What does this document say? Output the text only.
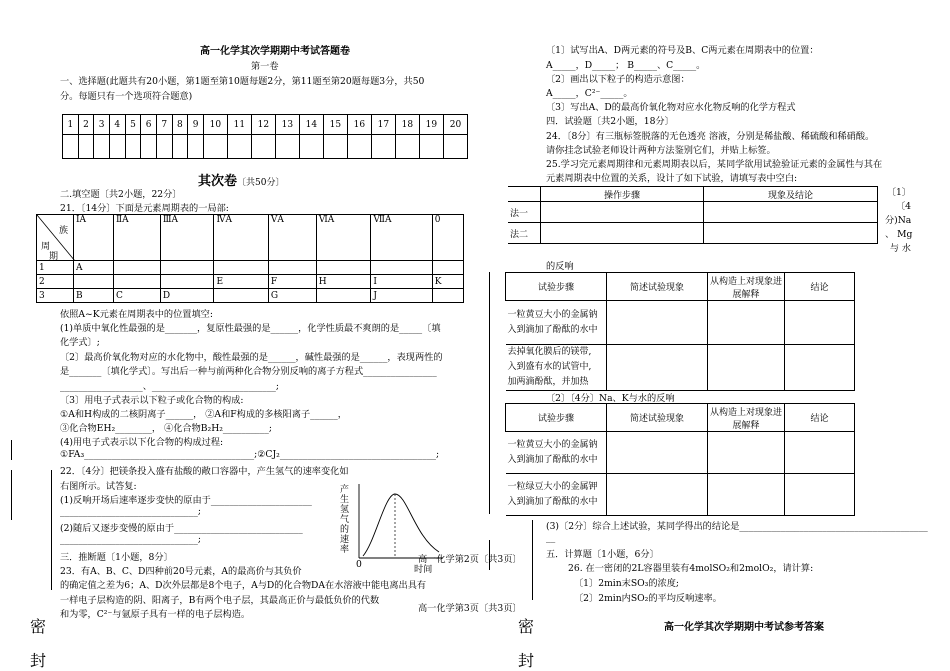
高一化学其次学期期中考试答题卷
第一卷
一、选择题(此题共有20小题，第1题至第10题每题2分，第11题至第20题每题3分，共50
分。每题只有一个选项符合题意)
1	2	3	4	5	6	7	8	9	10	11	12	13	14	15	16	17	18	19	20

其次卷〔共50分〕
二.填空题〔共2小题，22分〕
21．〔14分〕下面是元素周期表的一局部:
族
周
期	ⅠA	ⅡA	ⅢA	ⅣA	ⅤA	ⅥA	ⅦA	0
1	A							
2				E	F	H	I	K
3	B	C	D		G		J	
依照A~K元素在周期表中的位置填空:
(1)单质中氧化性最强的是_______，复原性最强的是______，化学性质最不爽朗的是_____〔填
化学式〕;
〔2〕最高价氧化物对应的水化物中，酸性最强的是______，碱性最强的是______，表现两性的
是_______〔填化学式〕。写出后一种与前两种化合物分别反响的离子方程式________________
__________________、___________________________;
〔3〕用电子式表示以下粒子或化合物的构成:
①A和H构成的二核阴离子______， ②A和F构成的多核阳离子______，
③化合物EH₂________， ④化合物B₂H₂__________;
(4)用电子式表示以下化合物的构成过程:
①FA₃_____________________________________;②CJ₂__________________________________;
22．〔4分〕把镁条投入盛有盐酸的敞口容器中，产生氢气的速率变化如
右图所示。试答复:
(1)反响开场后速率逐步变快的原由于______________________
______________________________;
(2)随后又逐步变慢的原由于____________________________
______________________________;
三．推断题〔1小题，8分〕
23．有A、B、C、D四种前20号元素，A的最高价与其负价
的确定值之差为6；A、D次外层都是8个电子，A与D的化合物DA在水溶液中能电离出具有
一样电子层构造的阴、阳离子，B有两个电子层，其最高正价与最低负价的代数
和为零，C²⁻与氩原子具有一样的电子层构造。
产
生
氢
气
的
速
率
0	时间
高一化学第2页〔共3页〕
高一化学第3页〔共3页〕
密
封
〔1〕试写出A、D两元素的符号及B、C两元素在周期表中的位置：
A_____，D_____； B_____、C_____。
〔2〕画出以下粒子的构造示意图：
A_____，C²⁻_____。
〔3〕写出A、D的最高价氧化物对应水化物反响的化学方程式
四．试验题〔共2小题，18分〕
24．〔8分〕有三瓶标签脱落的无色透亮 溶液，分别是稀盐酸、稀硫酸和稀硝酸。
请你挂念试验老师设计两种方法鉴别它们，并贴上标签。
25.学习完元素周期律和元素周期表以后，某同学欲用试验验证元素的金属性与其在
元素周期表中位置的关系，设计了如下试验，请填写表中空白:
	操作步骤	现象及结论
法一		
法二		
〔1〕
〔4
分)Na
、 Mg
与 水
的反响
试验步骤	简述试验现象	从构造上对现象进展解释	结论
一粒黄豆大小的金属钠
入到滴加了酚酞的水中			
去掉氧化膜后的镁带,
入到盛有水的试管中,
加两滴酚酞，并加热			
〔2〕〔4分〕Na、K与水的反响
试验步骤	简述试验现象	从构造上对现象进展解释	结论
一粒黄豆大小的金属钠
入到滴加了酚酞的水中			
一粒绿豆大小的金属钾
入到滴加了酚酞的水中			
(3)〔2分〕综合上述试验，某同学得出的结论是_________________________________________
__
五．计算题〔1小题，6分〕
26. 在一密闭的2L容器里装有4molSO₂和2molO₂，请计算:
〔1〕2min末SO₃的浓度;
〔2〕2min内SO₂的平均反响速率。
高一化学其次学期期中考试参考答案
密
封
